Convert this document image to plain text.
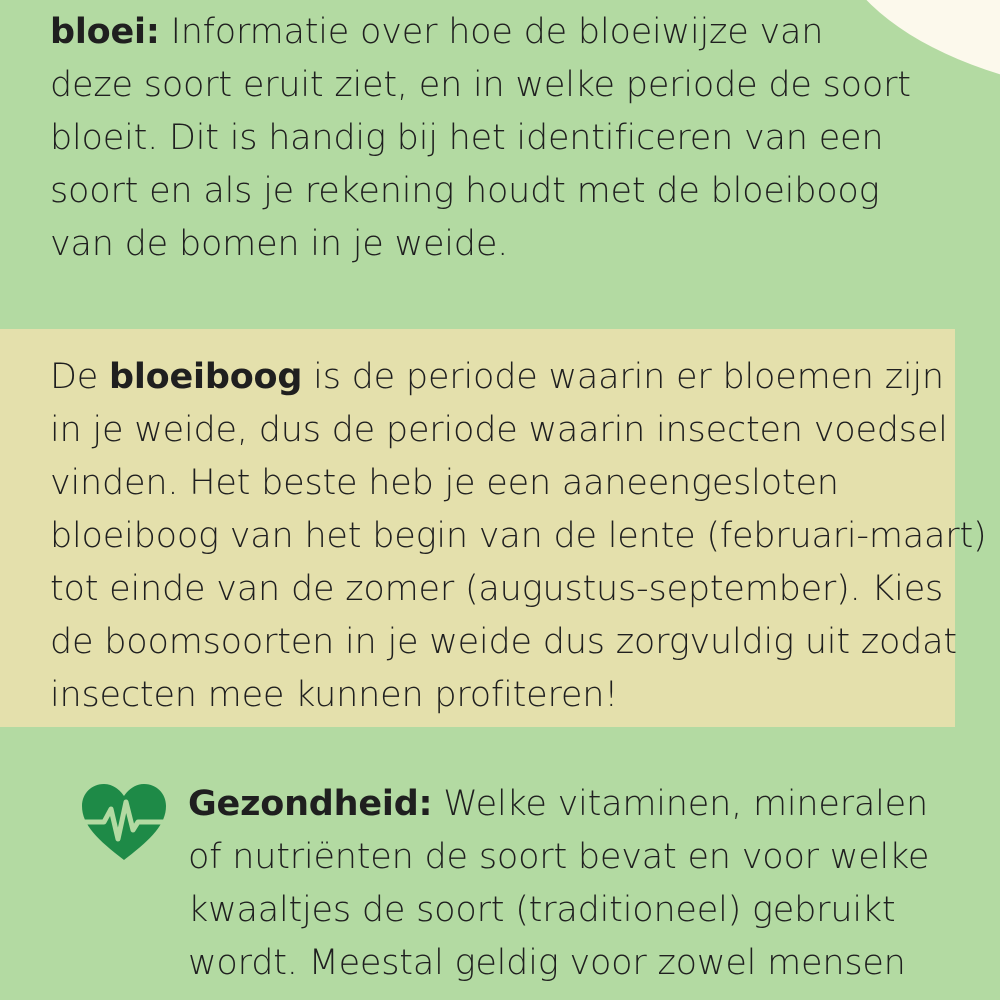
bloei: Informatie over hoe de bloeiwijze van
deze soort eruit ziet, en in welke periode de soort
bloeit. Dit is handig bij het identificeren van een
soort en als je rekening houdt met de bloeiboog
van de bomen in je weide.

De bloeiboog is de periode waarin er bloemen zijn
in je weide, dus de periode waarin insecten voedsel
vinden. Het beste heb je een aaneengesloten
bloeiboog van het begin van de lente (februari-maart)
tot einde van de zomer (augustus-september). Kies
de boomsoorten in je weide dus zorgvuldig uit zodat
insecten mee kunnen profiteren!

Gezondheid: Welke vitaminen, mineralen
of nutriënten de soort bevat en voor welke
kwaaltjes de soort (traditioneel) gebruikt
wordt. Meestal geldig voor zowel mensen
